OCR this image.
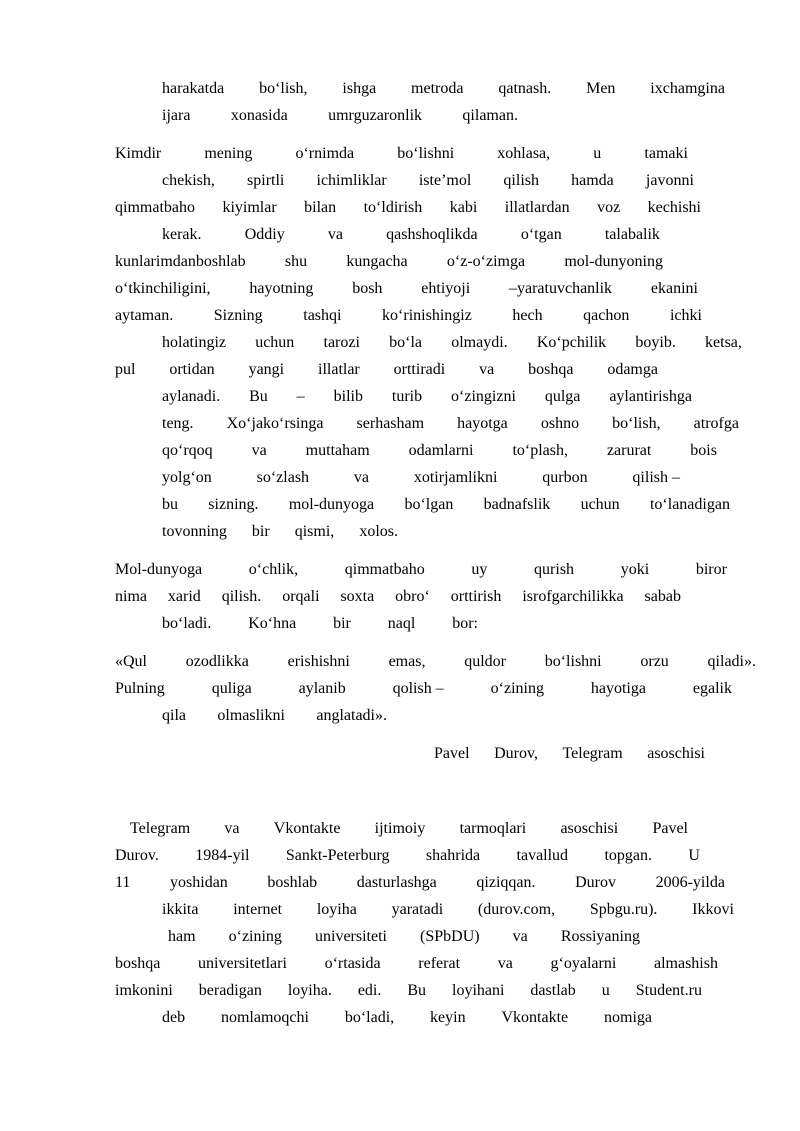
harakatda bo‘lish, ishga metroda qatnash. Men ixchamgina
ijara	xonasida	umrguzaronlik	qilaman.
Kimdir	mening	o‘rnimda	bo‘lishni	xohlasa,	u	tamaki
chekish, spirtli ichimliklar iste’mol qilish hamda javonni
qimmatbaho kiyimlar bilan to‘ldirish kabi illatlardan voz kechishi
kerak.	Oddiy	va	qashshoqlikda	o‘tgan	talabalik
kunlarimdanboshlab shu kungacha o‘z-o‘zimga mol-dunyoning
o‘tkinchiligini, hayotning bosh ehtiyoji –yaratuvchanlik ekanini
aytaman.	Sizning	tashqi	ko‘rinishingiz	hech	qachon	ichki
holatingiz uchun tarozi bo‘la olmaydi. Ko‘pchilik boyib. ketsa,
pul ortidan yangi illatlar orttiradi va boshqa odamga
aylanadi. Bu – bilib turib o‘zingizni qulga aylantirishga
teng. Xo‘jako‘rsinga serhasham hayotga oshno bo‘lish, atrofga
qo‘rqoq va muttaham odamlarni to‘plash, zarurat bois
yolg‘on	so‘zlash	va	xotirjamlikni	qurbon	qilish –
bu sizning. mol-dunyoga bo‘lgan badnafslik uchun to‘lanadigan
tovonning bir qismi, xolos.
Mol-dunyoga	o‘chlik,	qimmatbaho	uy	qurish	yoki	biror
nima xarid qilish. orqali soxta obro‘ orttirish isrofgarchilikka sabab
bo‘ladi. Ko‘hna bir naql bor:
«Qul ozodlikka erishishni emas, quldor bo‘lishni orzu qiladi».
Pulning	quliga	aylanib	qolish –	o‘zining	hayotiga	egalik
qila olmaslikni anglatadi».
Pavel Durov, Telegram asoschisi
Telegram va Vkontakte ijtimoiy tarmoqlari asoschisi Pavel
Durov. 1984-yil Sankt-Peterburg shahrida tavallud topgan. U
11 yoshidan boshlab dasturlashga qiziqqan. Durov 2006-yilda
ikkita internet loyiha yaratadi (durov.com, Spbgu.ru). Ikkovi
ham o‘zining universiteti (SPbDU) va Rossiyaning
boshqa universitetlari o‘rtasida referat va g‘oyalarni almashish
imkonini beradigan loyiha. edi. Bu loyihani dastlab u Student.ru
deb nomlamoqchi bo‘ladi, keyin Vkontakte nomiga
